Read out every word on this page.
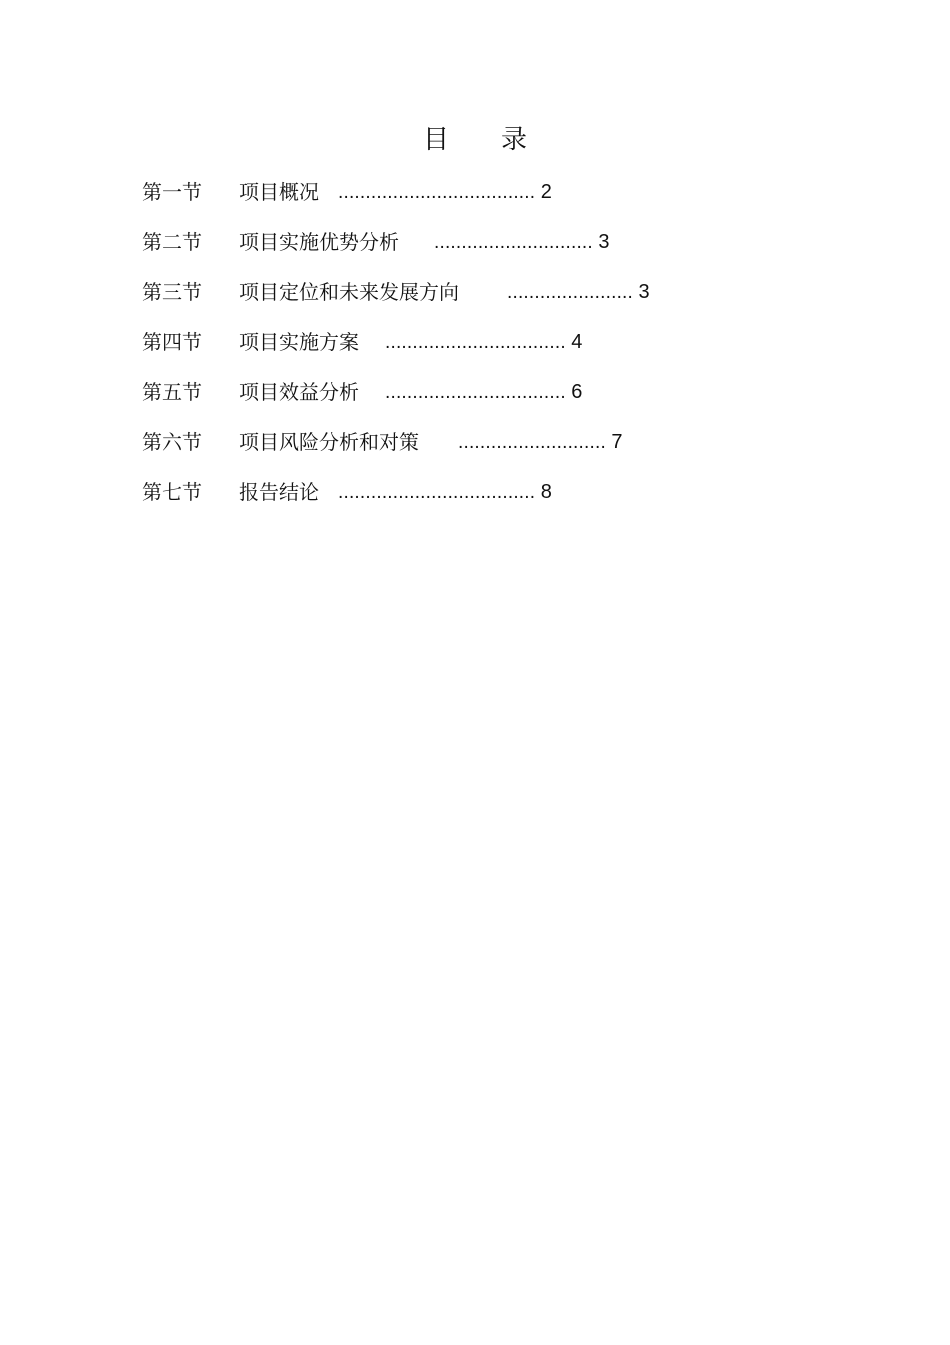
目 录
第一节 项目概况 .................................... 2
第二节 项目实施优势分析 ............................. 3
第三节 项目定位和未来发展方向	....................... 3
第四节 项目实施方案 ................................. 4
第五节 项目效益分析 ................................. 6
第六节 项目风险分析和对策 ........................... 7
第七节 报告结论 .................................... 8
